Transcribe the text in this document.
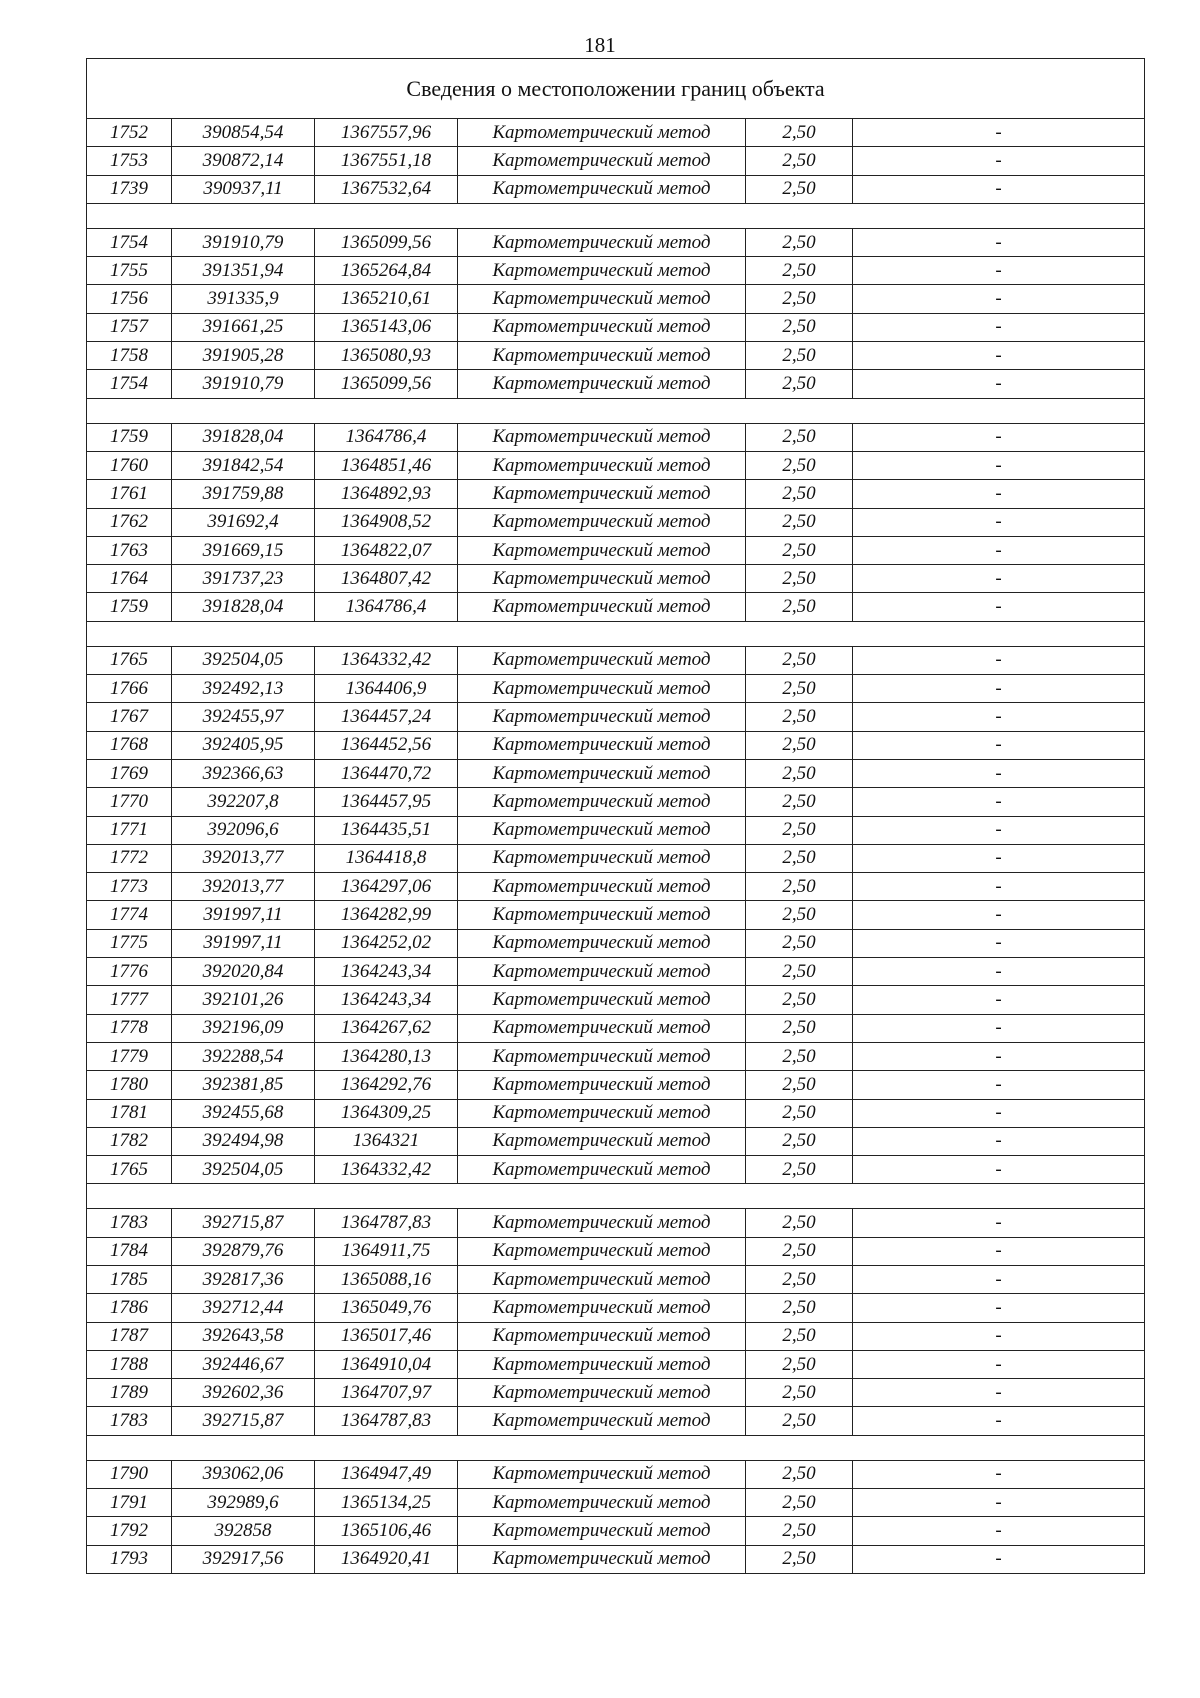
181
Сведения о местоположении границ объекта					
1752	390854,54	1367557,96	Картометрический метод	2,50	-
1753	390872,14	1367551,18	Картометрический метод	2,50	-
1739	390937,11	1367532,64	Картометрический метод	2,50	-

1754	391910,79	1365099,56	Картометрический метод	2,50	-
1755	391351,94	1365264,84	Картометрический метод	2,50	-
1756	391335,9	1365210,61	Картометрический метод	2,50	-
1757	391661,25	1365143,06	Картометрический метод	2,50	-
1758	391905,28	1365080,93	Картометрический метод	2,50	-
1754	391910,79	1365099,56	Картометрический метод	2,50	-

1759	391828,04	1364786,4	Картометрический метод	2,50	-
1760	391842,54	1364851,46	Картометрический метод	2,50	-
1761	391759,88	1364892,93	Картометрический метод	2,50	-
1762	391692,4	1364908,52	Картометрический метод	2,50	-
1763	391669,15	1364822,07	Картометрический метод	2,50	-
1764	391737,23	1364807,42	Картометрический метод	2,50	-
1759	391828,04	1364786,4	Картометрический метод	2,50	-

1765	392504,05	1364332,42	Картометрический метод	2,50	-
1766	392492,13	1364406,9	Картометрический метод	2,50	-
1767	392455,97	1364457,24	Картометрический метод	2,50	-
1768	392405,95	1364452,56	Картометрический метод	2,50	-
1769	392366,63	1364470,72	Картометрический метод	2,50	-
1770	392207,8	1364457,95	Картометрический метод	2,50	-
1771	392096,6	1364435,51	Картометрический метод	2,50	-
1772	392013,77	1364418,8	Картометрический метод	2,50	-
1773	392013,77	1364297,06	Картометрический метод	2,50	-
1774	391997,11	1364282,99	Картометрический метод	2,50	-
1775	391997,11	1364252,02	Картометрический метод	2,50	-
1776	392020,84	1364243,34	Картометрический метод	2,50	-
1777	392101,26	1364243,34	Картометрический метод	2,50	-
1778	392196,09	1364267,62	Картометрический метод	2,50	-
1779	392288,54	1364280,13	Картометрический метод	2,50	-
1780	392381,85	1364292,76	Картометрический метод	2,50	-
1781	392455,68	1364309,25	Картометрический метод	2,50	-
1782	392494,98	1364321	Картометрический метод	2,50	-
1765	392504,05	1364332,42	Картометрический метод	2,50	-

1783	392715,87	1364787,83	Картометрический метод	2,50	-
1784	392879,76	1364911,75	Картометрический метод	2,50	-
1785	392817,36	1365088,16	Картометрический метод	2,50	-
1786	392712,44	1365049,76	Картометрический метод	2,50	-
1787	392643,58	1365017,46	Картометрический метод	2,50	-
1788	392446,67	1364910,04	Картометрический метод	2,50	-
1789	392602,36	1364707,97	Картометрический метод	2,50	-
1783	392715,87	1364787,83	Картометрический метод	2,50	-

1790	393062,06	1364947,49	Картометрический метод	2,50	-
1791	392989,6	1365134,25	Картометрический метод	2,50	-
1792	392858	1365106,46	Картометрический метод	2,50	-
1793	392917,56	1364920,41	Картометрический метод	2,50	-
